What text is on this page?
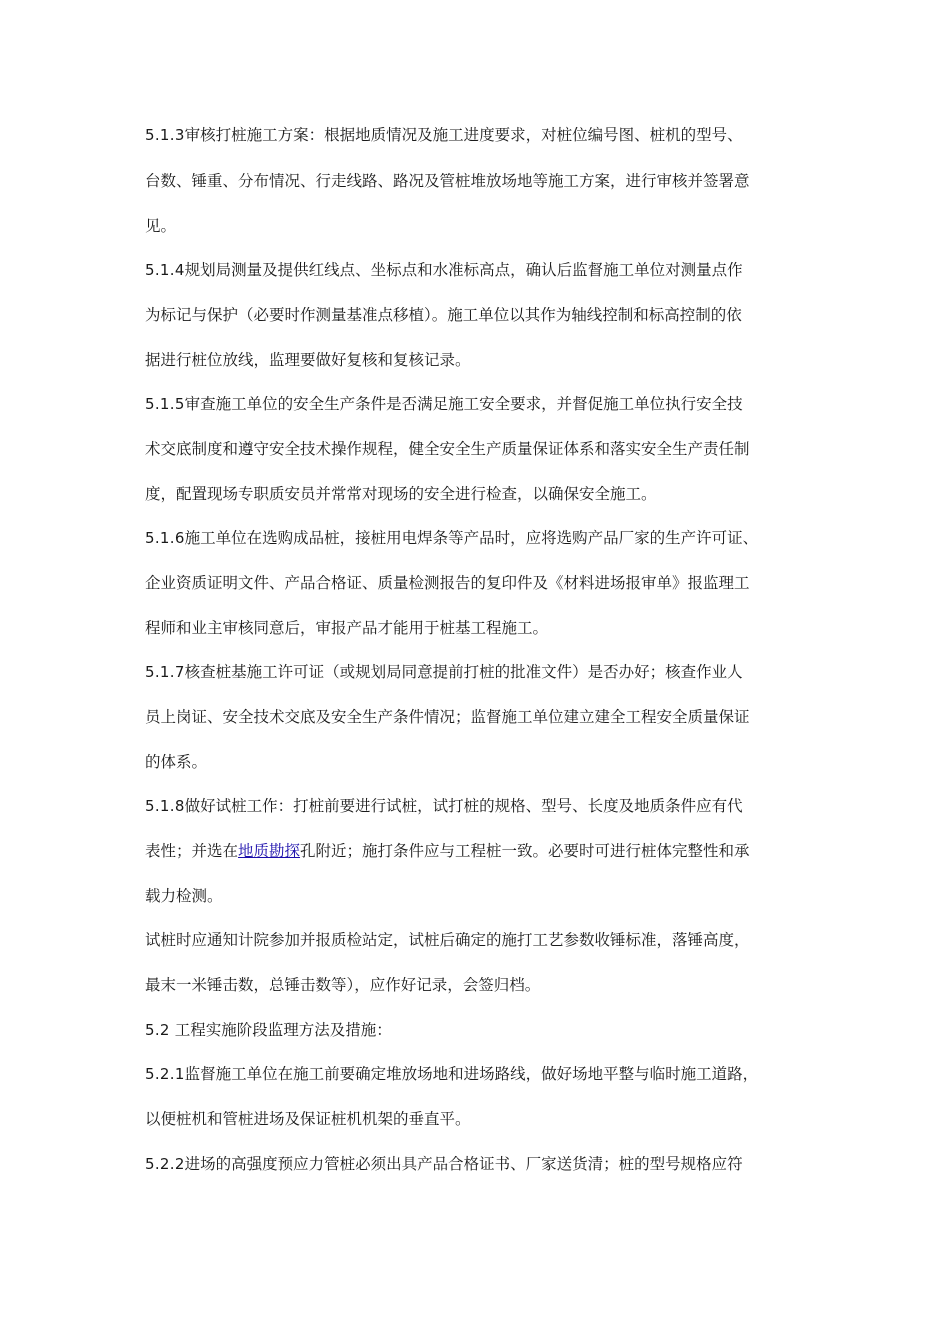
5.1.3审核打桩施工方案：根据地质情况及施工进度要求，对桩位编号图、桩机的型号、
台数、锤重、分布情况、行走线路、路况及管桩堆放场地等施工方案，进行审核并签署意
见。
5.1.4规划局测量及提供红线点、坐标点和水准标高点，确认后监督施工单位对测量点作
为标记与保护（必要时作测量基准点移植）。施工单位以其作为轴线控制和标高控制的依
据进行桩位放线，监理要做好复核和复核记录。
5.1.5审查施工单位的安全生产条件是否满足施工安全要求，并督促施工单位执行安全技
术交底制度和遵守安全技术操作规程，健全安全生产质量保证体系和落实安全生产责任制
度，配置现场专职质安员并常常对现场的安全进行检查，以确保安全施工。
5.1.6施工单位在选购成品桩，接桩用电焊条等产品时，应将选购产品厂家的生产许可证、
企业资质证明文件、产品合格证、质量检测报告的复印件及《材料进场报审单》报监理工
程师和业主审核同意后，审报产品才能用于桩基工程施工。
5.1.7核查桩基施工许可证（或规划局同意提前打桩的批准文件）是否办好；核查作业人
员上岗证、安全技术交底及安全生产条件情况；监督施工单位建立建全工程安全质量保证
的体系。
5.1.8做好试桩工作：打桩前要进行试桩，试打桩的规格、型号、长度及地质条件应有代
表性；并选在地质勘探孔附近；施打条件应与工程桩一致。必要时可进行桩体完整性和承
载力检测。
试桩时应通知计院参加并报质检站定，试桩后确定的施打工艺参数收锤标准，落锤高度，
最末一米锤击数，总锤击数等），应作好记录，会签归档。
5.2 工程实施阶段监理方法及措施：
5.2.1监督施工单位在施工前要确定堆放场地和进场路线，做好场地平整与临时施工道路，
以便桩机和管桩进场及保证桩机机架的垂直平。
5.2.2进场的高强度预应力管桩必须出具产品合格证书、厂家送货清；桩的型号规格应符
